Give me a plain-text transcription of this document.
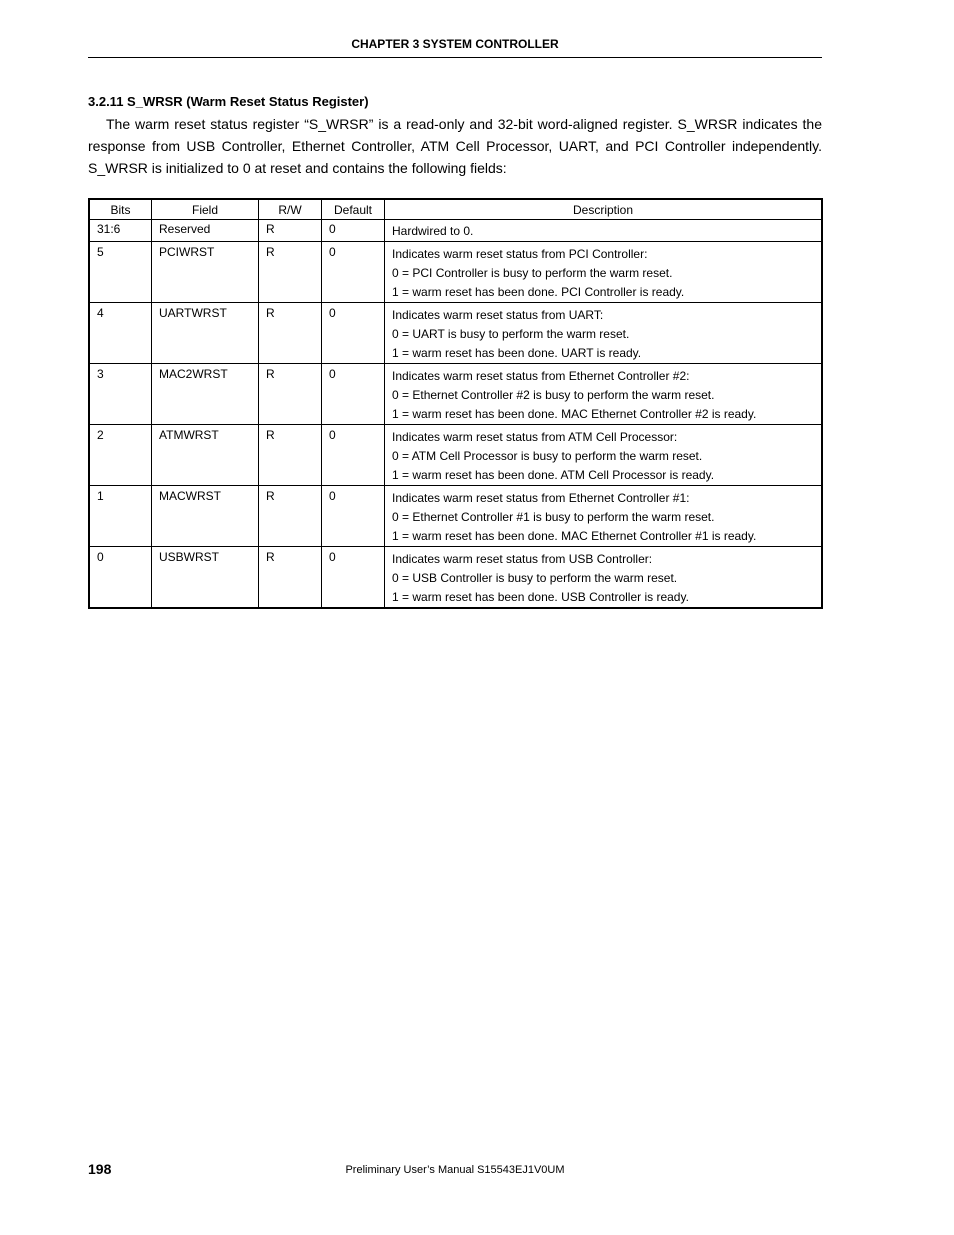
CHAPTER 3 SYSTEM CONTROLLER
3.2.11 S_WRSR (Warm Reset Status Register)

The warm reset status register “S_WRSR” is a read-only and 32-bit word-aligned register. S_WRSR indicates the response from USB Controller, Ethernet Controller, ATM Cell Processor, UART, and PCI Controller independently. S_WRSR is initialized to 0 at reset and contains the following fields:

Bits	Field	R/W	Default	Description
31:6	Reserved	R	0	Hardwired to 0.

5	PCIWRST	R	0	Indicates warm reset status from PCI Controller:
0 = PCI Controller is busy to perform the warm reset.
1 = warm reset has been done. PCI Controller is ready.

4	UARTWRST	R	0	Indicates warm reset status from UART:
0 = UART is busy to perform the warm reset.
1 = warm reset has been done. UART is ready.

3	MAC2WRST	R	0	Indicates warm reset status from Ethernet Controller #2:
0 = Ethernet Controller #2 is busy to perform the warm reset.
1 = warm reset has been done. MAC Ethernet Controller #2 is ready.

2	ATMWRST	R	0	Indicates warm reset status from ATM Cell Processor:
0 = ATM Cell Processor is busy to perform the warm reset.
1 = warm reset has been done. ATM Cell Processor is ready.

1	MACWRST	R	0	Indicates warm reset status from Ethernet Controller #1:
0 = Ethernet Controller #1 is busy to perform the warm reset.
1 = warm reset has been done. MAC Ethernet Controller #1 is ready.

0	USBWRST	R	0	Indicates warm reset status from USB Controller:
0 = USB Controller is busy to perform the warm reset.
1 = warm reset has been done. USB Controller is ready.
198	Preliminary User’s Manual S15543EJ1V0UM
